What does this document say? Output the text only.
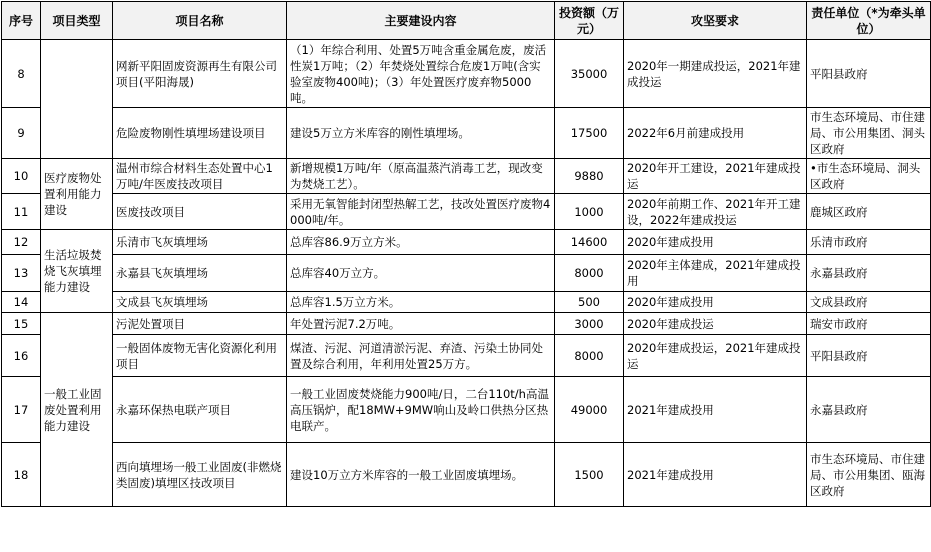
序号	项目类型	项目名称	主要建设内容	投资额（万元）	攻坚要求	责任单位（*为牵头单位）
8		网新平阳固废资源再生有限公司项目(平阳海晟)	（1）年综合利用、处置5万吨含重金属危废，废活性炭1万吨；（2）年焚烧处置综合危废1万吨(含实验室废物400吨)；（3）年处置医疗废弃物5000吨。	35000	2020年一期建成投运，2021年建成投运	平阳县政府
9		危险废物刚性填埋场建设项目	建设5万立方米库容的刚性填埋场。	17500	2022年6月前建成投用	市生态环境局、市住建局、市公用集团、洞头区政府
10	医疗废物处置利用能力建设	温州市综合材料生态处置中心1万吨/年医废技改项目	新增规模1万吨/年（原高温蒸汽消毒工艺，现改变为焚烧工艺）。	9880	2020年开工建设，2021年建成投运	•市生态环境局、洞头区政府
11		医废技改项目	采用无氧智能封闭型热解工艺，技改处置医疗废物4000吨/年。	1000	2020年前期工作、2021年开工建设，2022年建成投运	鹿城区政府
12	生活垃圾焚烧飞灰填埋能力建设	乐清市飞灰填埋场	总库容86.9万立方米。	14600	2020年建成投用	乐清市政府
13		永嘉县飞灰填埋场	总库容40万立方。	8000	2020年主体建成，2021年建成投用	永嘉县政府
14		文成县飞灰填埋场	总库容1.5万立方米。	500	2020年建成投用	文成县政府
15	一般工业固废处置利用能力建设	污泥处置项目	年处置污泥7.2万吨。	3000	2020年建成投运	瑞安市政府
16		一般固体废物无害化资源化利用项目	煤渣、污泥、河道清淤污泥、弃渣、污染土协同处置及综合利用，年利用处置25万方。	8000	2020年建成投运，2021年建成投运	平阳县政府
17		永嘉环保热电联产项目	一般工业固废焚烧能力900吨/日，二台110t/h高温高压锅炉，配18MW+9MW响山及岭口供热分区热电联产。	49000	2021年建成投用	永嘉县政府
18		西向填埋场一般工业固废(非燃烧类固废)填埋区技改项目	建设10万立方米库容的一般工业固废填埋场。	1500	2021年建成投用	市生态环境局、市住建局、市公用集团、瓯海区政府
